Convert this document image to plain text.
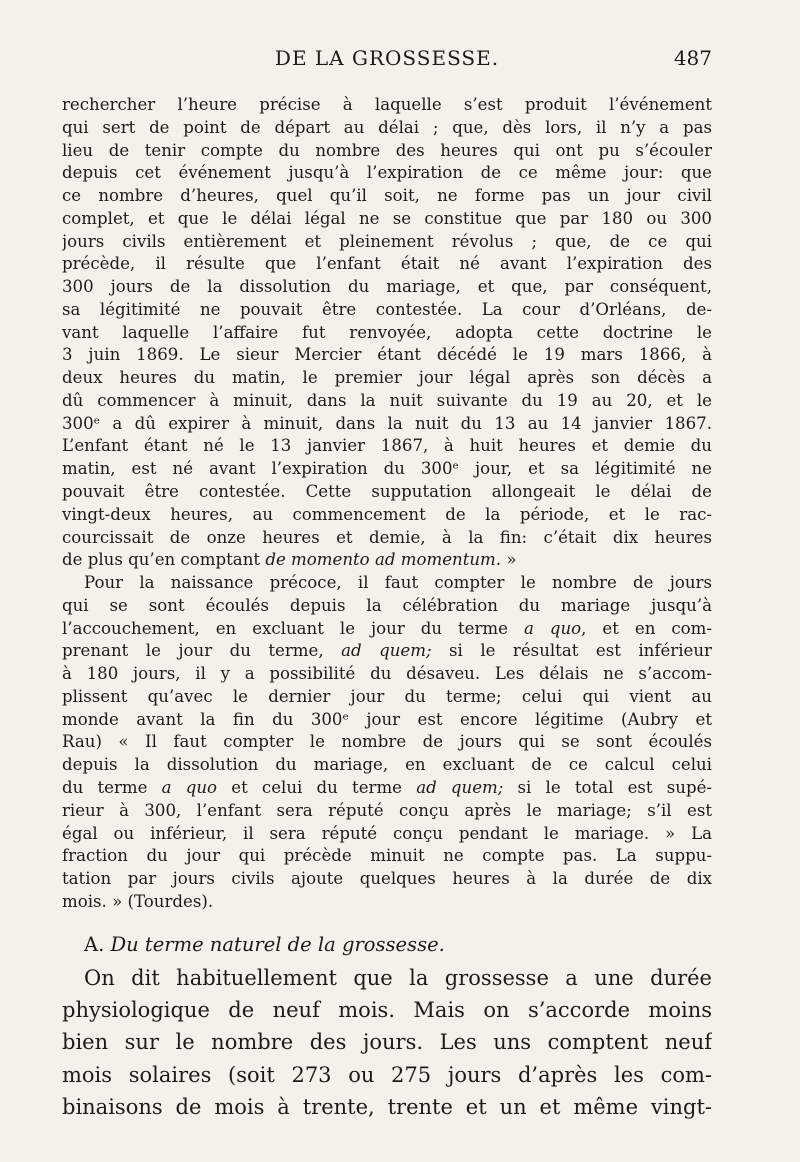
DE LA GROSSESSE.	487
rechercher l’heure précise à laquelle s’est produit l’événement
qui sert de point de départ au délai ; que, dès lors, il n’y a pas
lieu de tenir compte du nombre des heures qui ont pu s’écouler
depuis cet événement jusqu’à l’expiration de ce même jour: que
ce nombre d’heures, quel qu’il soit, ne forme pas un jour civil
complet, et que le délai légal ne se constitue que par 180 ou 300
jours civils entièrement et pleinement révolus ; que, de ce qui
précède, il résulte que l’enfant était né avant l’expiration des
300 jours de la dissolution du mariage, et que, par conséquent,
sa légitimité ne pouvait être contestée. La cour d’Orléans, de-
vant laquelle l’affaire fut renvoyée, adopta cette doctrine le
3 juin 1869. Le sieur Mercier étant décédé le 19 mars 1866, à
deux heures du matin, le premier jour légal après son décès a
dû commencer à minuit, dans la nuit suivante du 19 au 20, et le
300ᵉ a dû expirer à minuit, dans la nuit du 13 au 14 janvier 1867.
L’enfant étant né le 13 janvier 1867, à huit heures et demie du
matin, est né avant l’expiration du 300ᵉ jour, et sa légitimité ne
pouvait être contestée. Cette supputation allongeait le délai de
vingt-deux heures, au commencement de la période, et le rac-
courcissait de onze heures et demie, à la fin: c’était dix heures
de plus qu’en comptant de momento ad momentum. »
Pour la naissance précoce, il faut compter le nombre de jours
qui se sont écoulés depuis la célébration du mariage jusqu’à
l’accouchement, en excluant le jour du terme a quo, et en com-
prenant le jour du terme, ad quem; si le résultat est inférieur
à 180 jours, il y a possibilité du désaveu. Les délais ne s’accom-
plissent qu’avec le dernier jour du terme; celui qui vient au
monde avant la fin du 300ᵉ jour est encore légitime (Aubry et
Rau) « Il faut compter le nombre de jours qui se sont écoulés
depuis la dissolution du mariage, en excluant de ce calcul celui
du terme a quo et celui du terme ad quem; si le total est supé-
rieur à 300, l’enfant sera réputé conçu après le mariage; s’il est
égal ou inférieur, il sera réputé conçu pendant le mariage. » La
fraction du jour qui précède minuit ne compte pas. La suppu-
tation par jours civils ajoute quelques heures à la durée de dix
mois. » (Tourdes).
A. Du terme naturel de la grossesse.
On dit habituellement que la grossesse a une durée
physiologique de neuf mois. Mais on s’accorde moins
bien sur le nombre des jours. Les uns comptent neuf
mois solaires (soit 273 ou 275 jours d’après les com-
binaisons de mois à trente, trente et un et même vingt-
